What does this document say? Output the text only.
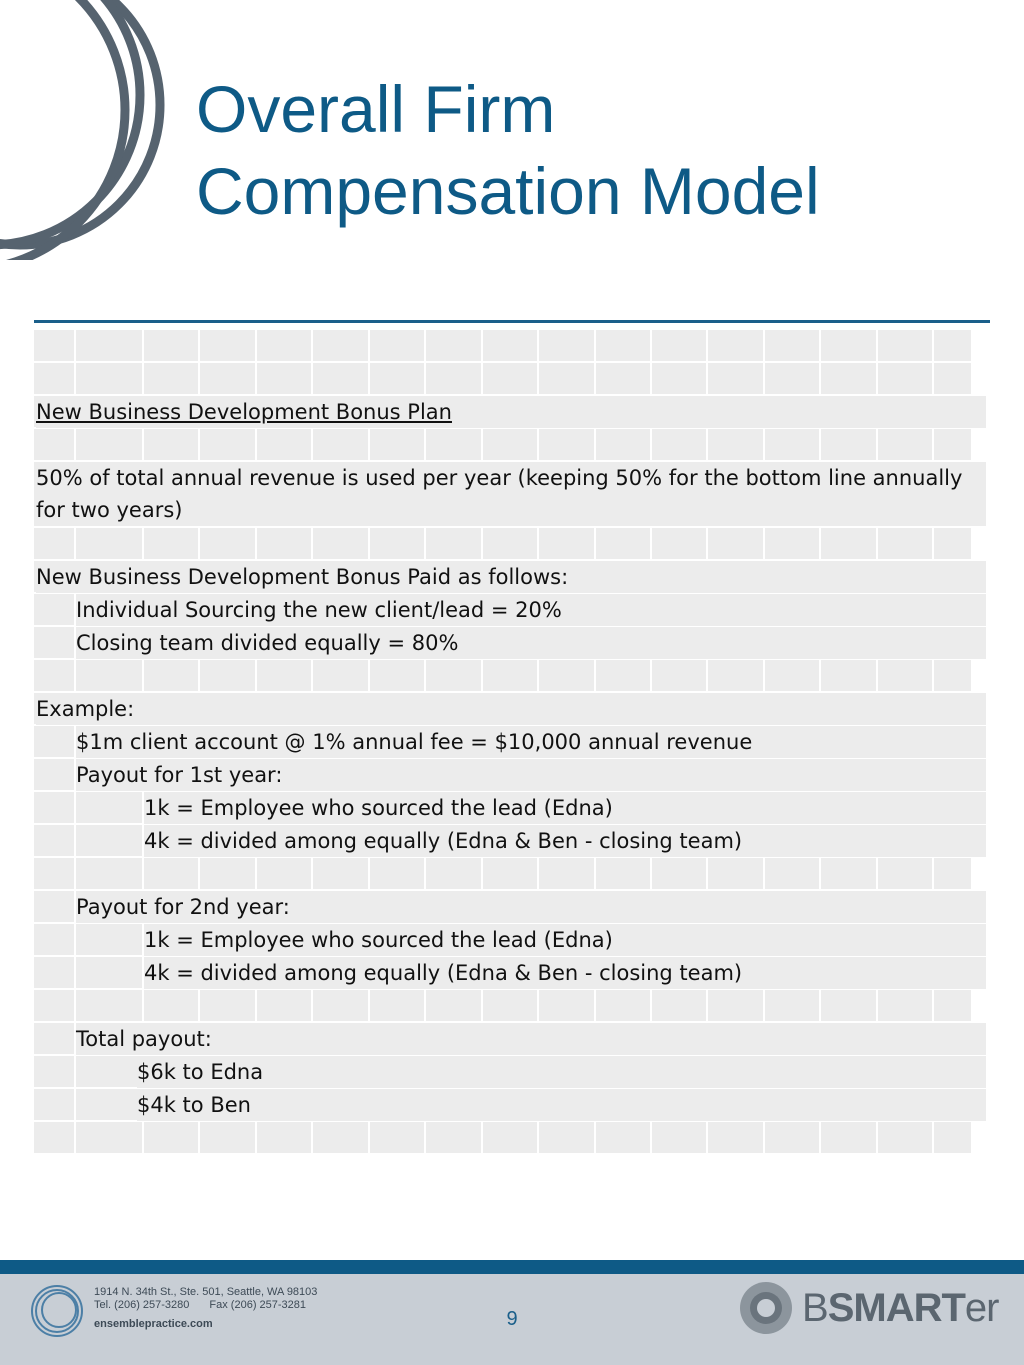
Overall Firm
Compensation Model
New Business Development Bonus Plan
50% of total annual revenue is used per year (keeping 50% for the bottom line annually for two years)
New Business Development Bonus Paid as follows:
Individual Sourcing the new client/lead = 20%
Closing team divided equally = 80%
Example:
$1m client account @ 1% annual fee = $10,000 annual revenue
Payout for 1st year:
1k = Employee who sourced the lead (Edna)
4k = divided among equally (Edna & Ben - closing team)
Payout for 2nd year:
1k = Employee who sourced the lead (Edna)
4k = divided among equally (Edna & Ben - closing team)
Total payout:
$6k to Edna
$4k to Ben
1914 N. 34th St., Ste. 501, Seattle, WA 98103
Tel. (206) 257-3280 Fax (206) 257-3281
ensemblepractice.com	9	BSMARTer
